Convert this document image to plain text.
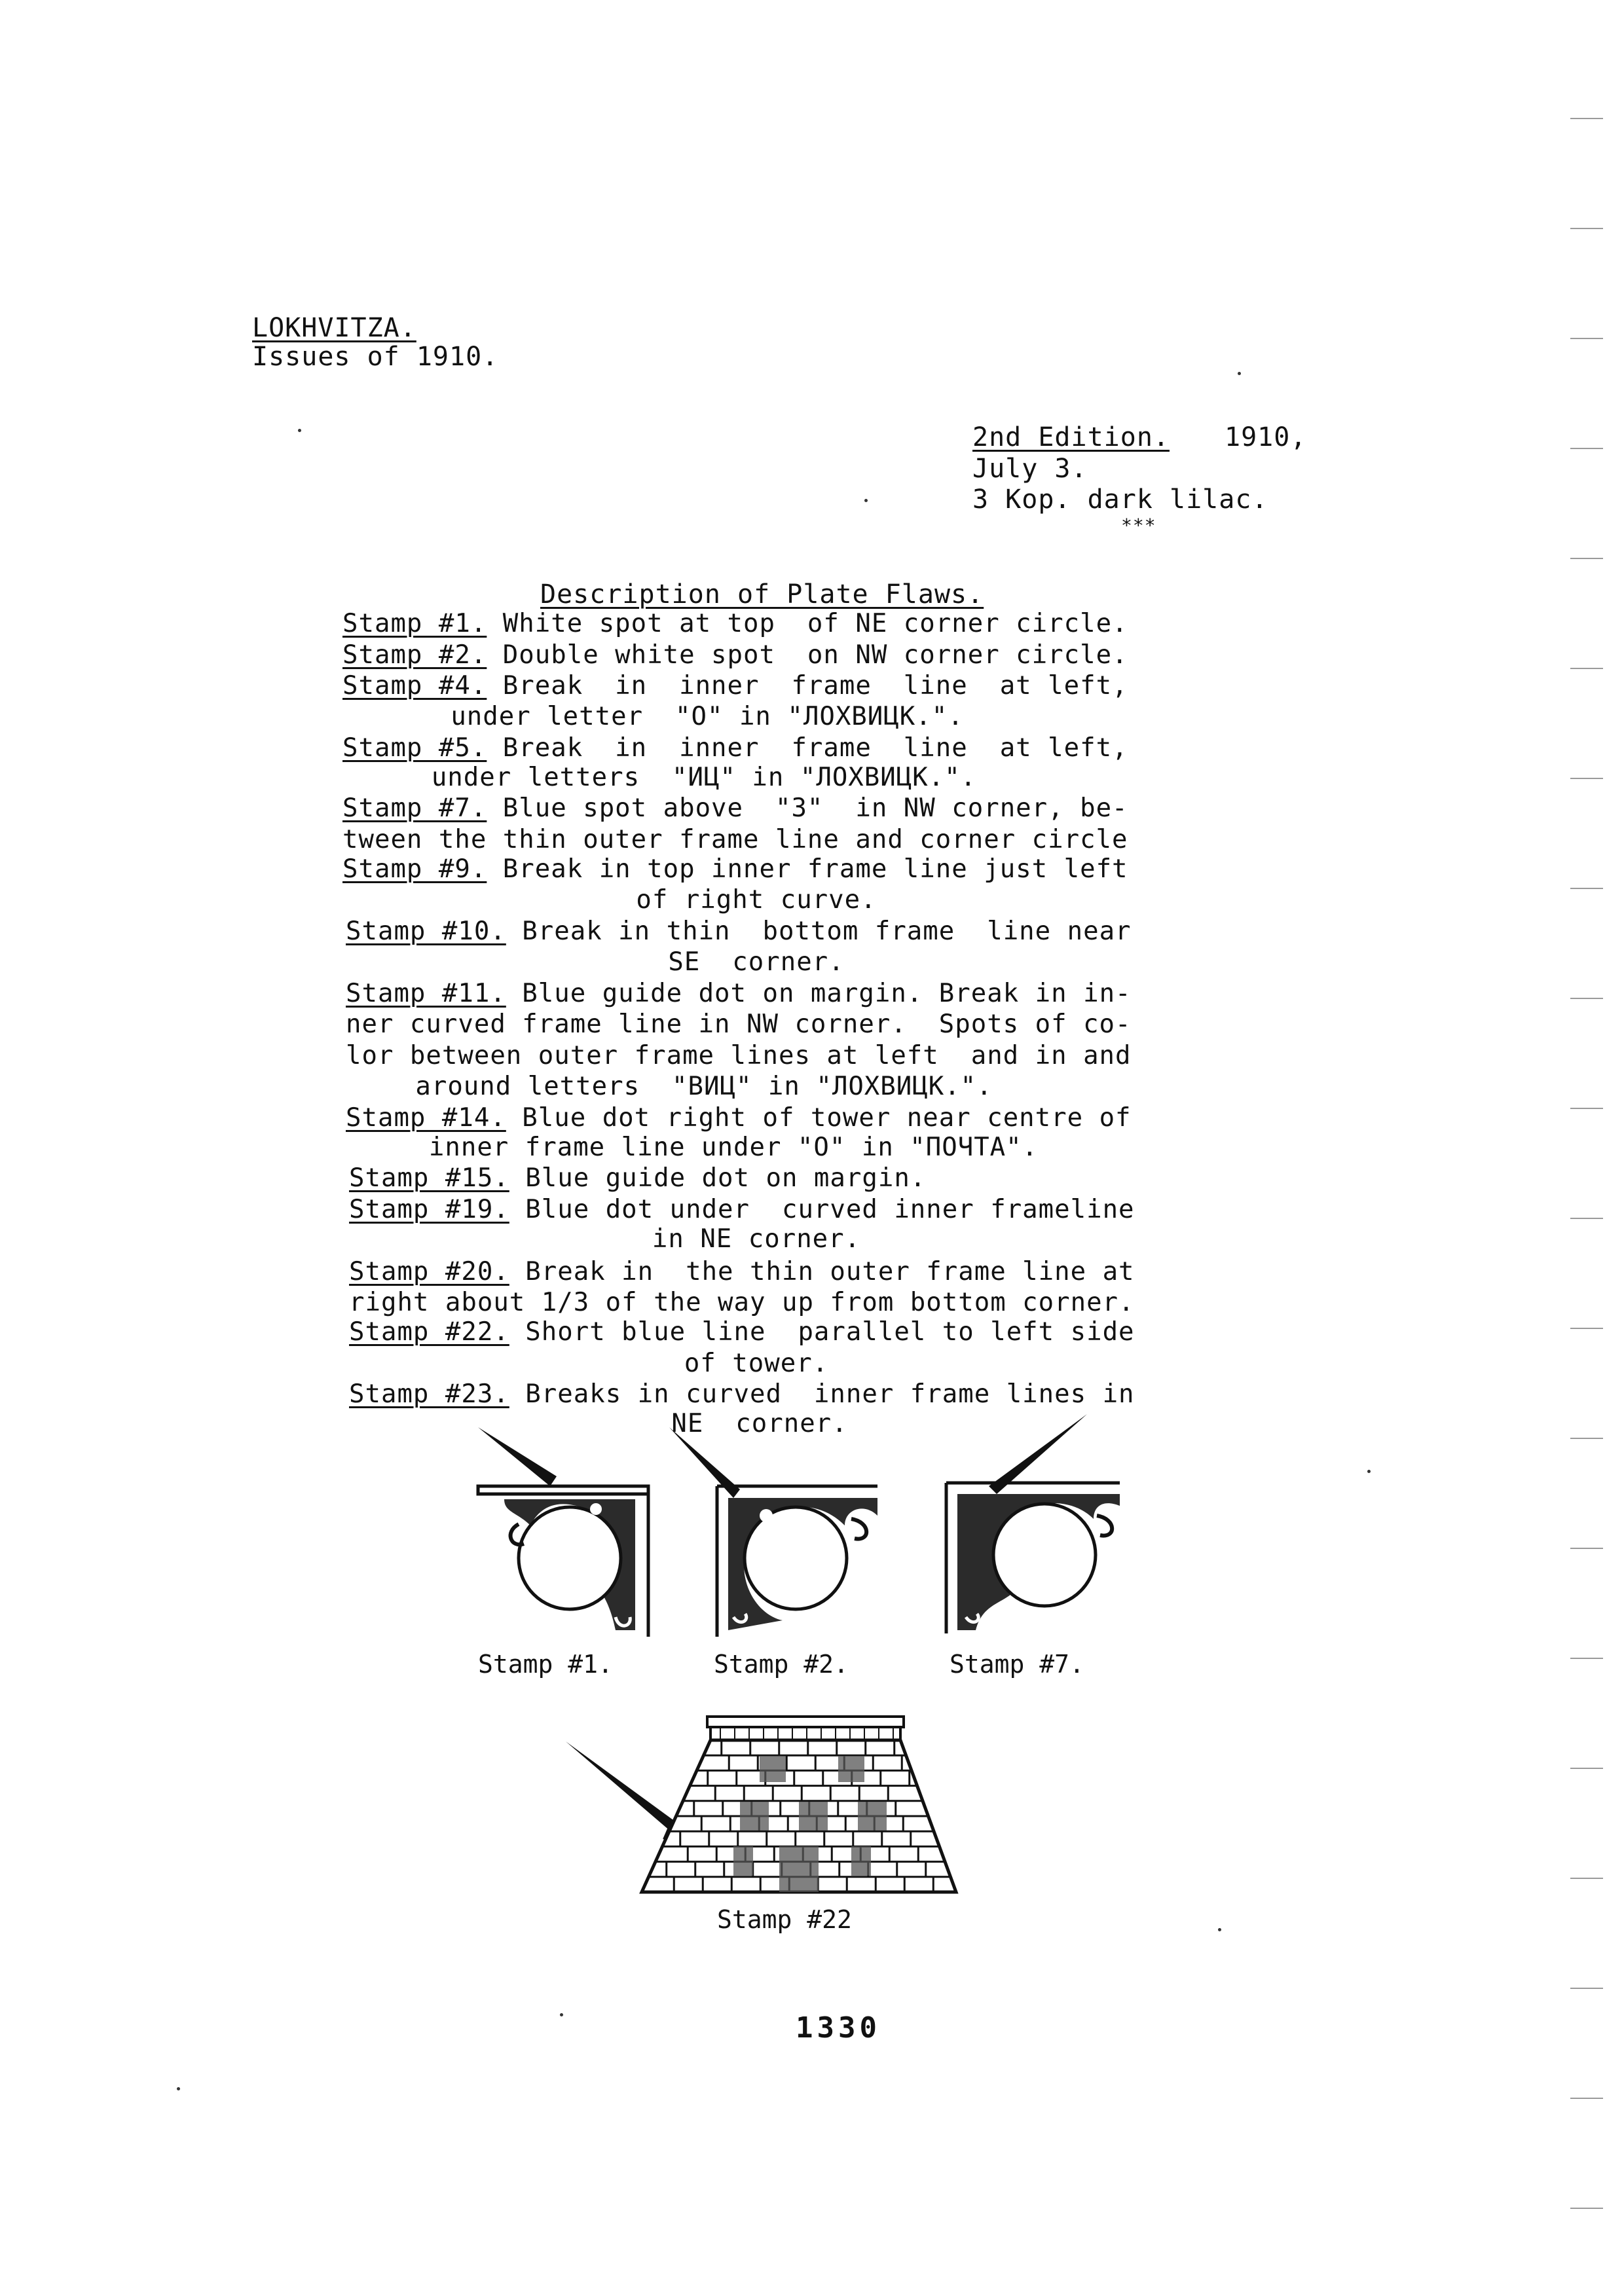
LOKHVITZA.
Issues of 1910.
2nd Edition. 1910,
July 3.
3 Kop. dark lilac.
***
Description of Plate Flaws.
Stamp #1. White spot at top  of NE corner circle.
Stamp #2. Double white spot  on NW corner circle.
Stamp #4. Break  in  inner  frame  line  at left,
under letter  "O" in "ЛОХВИЦК.".
Stamp #5. Break  in  inner  frame  line  at left,
under letters  "ИЦ" in "ЛОХВИЦК.".
Stamp #7. Blue spot above  "3"  in NW corner, be-
tween the thin outer frame line and corner circle
Stamp #9. Break in top inner frame line just left
of right curve.
Stamp #10. Break in thin  bottom frame  line near
SE  corner.
Stamp #11. Blue guide dot on margin. Break in in-
ner curved frame line in NW corner.  Spots of co-
lor between outer frame lines at left  and in and
around letters  "ВИЦ" in "ЛОХВИЦК.".
Stamp #14. Blue dot right of tower near centre of
inner frame line under "O" in "ПОЧТА".
Stamp #15. Blue guide dot on margin.
Stamp #19. Blue dot under  curved inner frameline
in NE corner.
Stamp #20. Break in  the thin outer frame line at
right about 1/3 of the way up from bottom corner.
Stamp #22. Short blue line  parallel to left side
of tower.
Stamp #23. Breaks in curved  inner frame lines in
NE  corner.
Stamp #1.	Stamp #2.	Stamp #7.
Stamp #22
1330
